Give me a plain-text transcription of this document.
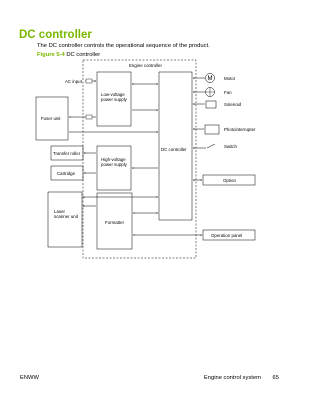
DC controller
The DC controller controls the operational sequence of the product.
Figure 5-4 DC controller
Engine controller
Low-voltage
power supply
High-voltage
power supply
DC controller
Fuser unit
Transfer roller
Cartridge
Laser
scanner unit
Formatter
AC input	M	Motor
Fan
Solenoid
Photointerrupter
Switch
Option
Operation panel
ENWW	Engine control system 65
